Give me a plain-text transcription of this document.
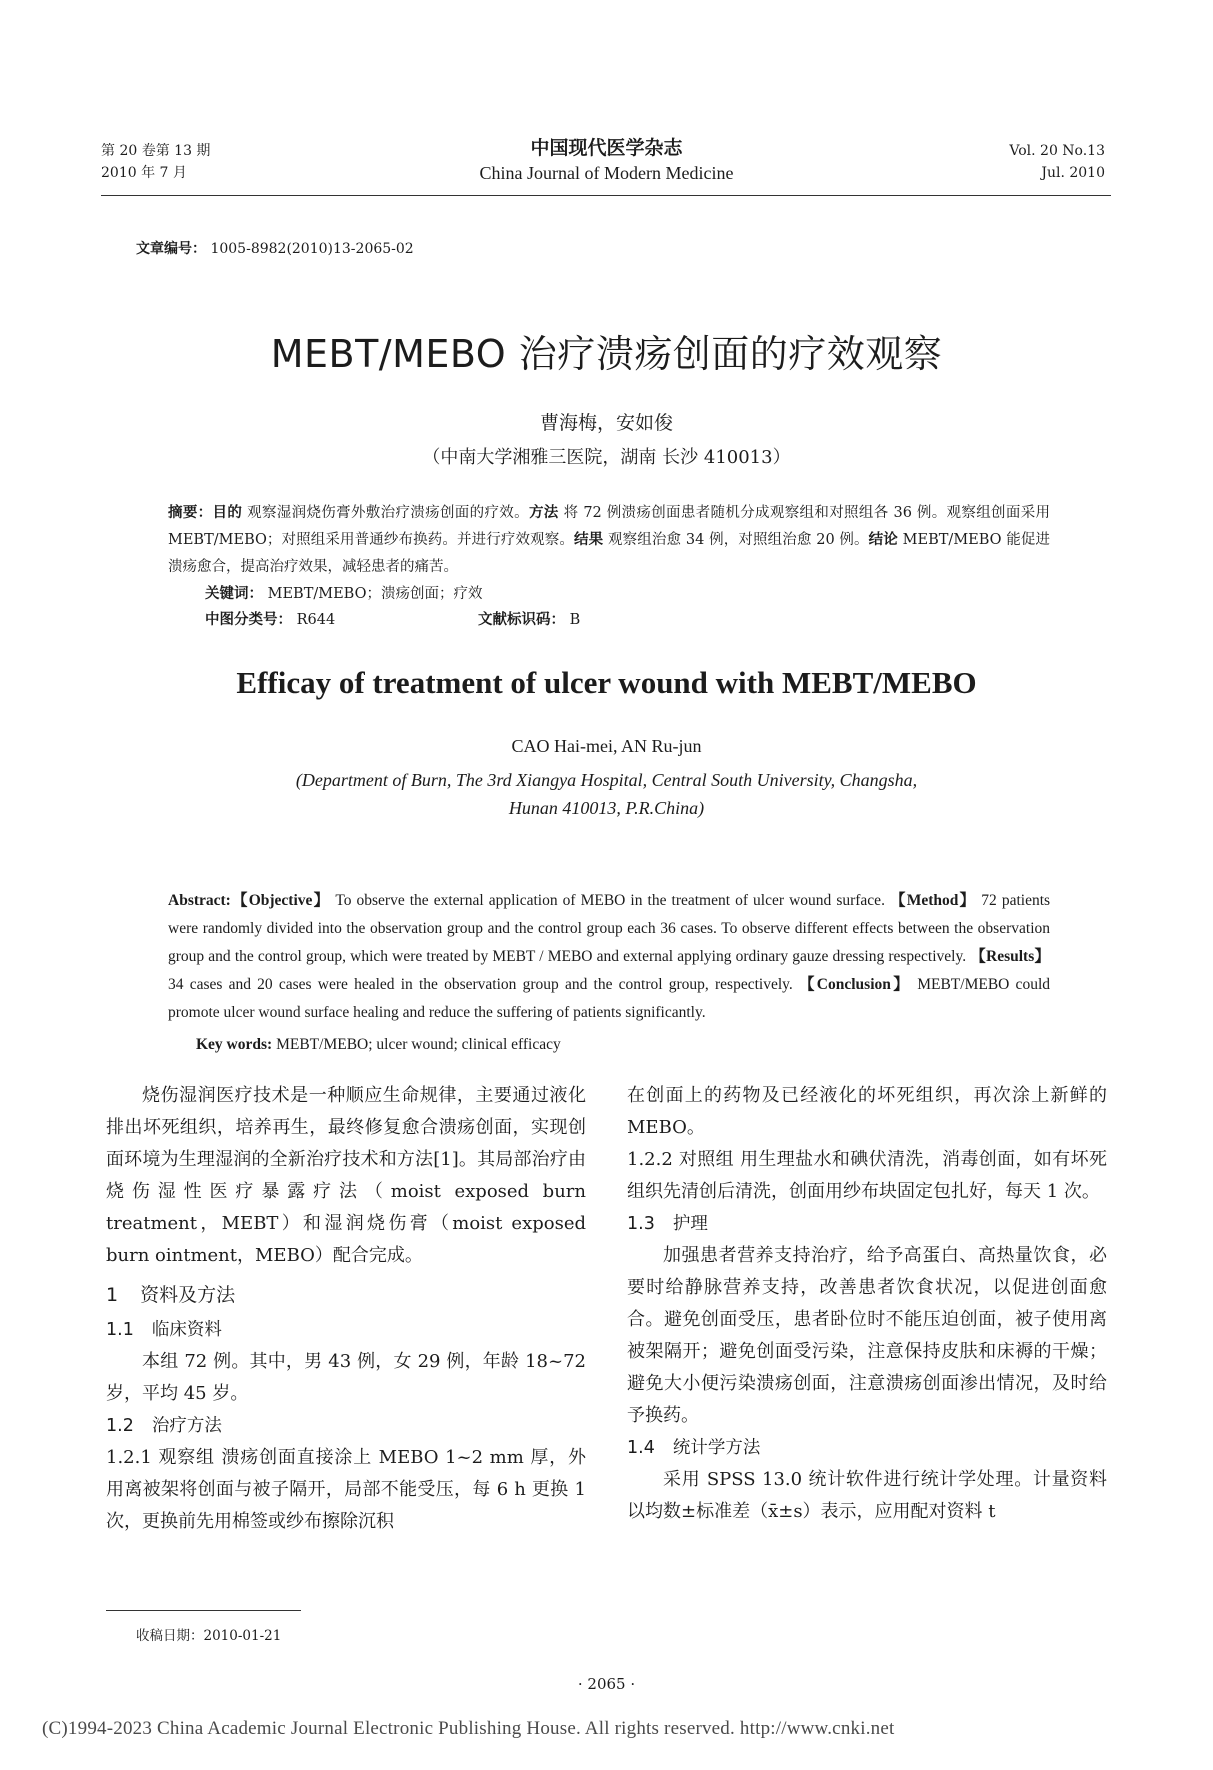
第 20 卷第 13 期
2010 年 7 月
中国现代医学杂志
China Journal of Modern Medicine
Vol. 20 No.13
Jul. 2010
文章编号： 1005-8982(2010)13-2065-02
MEBT/MEBO 治疗溃疡创面的疗效观察
曹海梅，安如俊
（中南大学湘雅三医院，湖南 长沙 410013）
摘要：目的 观察湿润烧伤膏外敷治疗溃疡创面的疗效。方法 将 72 例溃疡创面患者随机分成观察组和对照组各 36 例。观察组创面采用 MEBT/MEBO；对照组采用普通纱布换药。并进行疗效观察。结果 观察组治愈 34 例，对照组治愈 20 例。结论 MEBT/MEBO 能促进溃疡愈合，提高治疗效果，减轻患者的痛苦。
关键词： MEBT/MEBO；溃疡创面；疗效
中图分类号： R644	文献标识码： B
Efficay of treatment of ulcer wound with MEBT/MEBO
CAO Hai-mei, AN Ru-jun
(Department of Burn, The 3rd Xiangya Hospital, Central South University, Changsha,
Hunan 410013, P.R.China)
Abstract:【Objective】 To observe the external application of MEBO in the treatment of ulcer wound surface. 【Method】 72 patients were randomly divided into the observation group and the control group each 36 cases. To observe different effects between the observation group and the control group, which were treated by MEBT / MEBO and external applying ordinary gauze dressing respectively. 【Results】 34 cases and 20 cases were healed in the observation group and the control group, respectively. 【Conclusion】 MEBT/MEBO could promote ulcer wound surface healing and reduce the suffering of patients significantly.
Key words: MEBT/MEBO; ulcer wound; clinical efficacy

烧伤湿润医疗技术是一种顺应生命规律，主要通过液化排出坏死组织，培养再生，最终修复愈合溃疡创面，实现创面环境为生理湿润的全新治疗技术和方法[1]。其局部治疗由烧伤湿性医疗暴露疗法（moist exposed burn treatment，MEBT）和湿润烧伤膏（moist exposed burn ointment，MEBO）配合完成。

1 资料及方法
1.1 临床资料

本组 72 例。其中，男 43 例，女 29 例，年龄 18~72 岁，平均 45 岁。

1.2 治疗方法

1.2.1 观察组 溃疡创面直接涂上 MEBO 1~2 mm 厚，外用离被架将创面与被子隔开，局部不能受压，每 6 h 更换 1 次，更换前先用棉签或纱布擦除沉积

在创面上的药物及已经液化的坏死组织，再次涂上新鲜的 MEBO。

1.2.2 对照组 用生理盐水和碘伏清洗，消毒创面，如有坏死组织先清创后清洗，创面用纱布块固定包扎好，每天 1 次。

1.3 护理

加强患者营养支持治疗，给予高蛋白、高热量饮食，必要时给静脉营养支持，改善患者饮食状况，以促进创面愈合。避免创面受压，患者卧位时不能压迫创面，被子使用离被架隔开；避免创面受污染，注意保持皮肤和床褥的干燥；避免大小便污染溃疡创面，注意溃疡创面渗出情况，及时给予换药。

1.4 统计学方法

采用 SPSS 13.0 统计软件进行统计学处理。计量资料以均数±标准差（x̄±s）表示，应用配对资料 t

收稿日期：2010-01-21
· 2065 ·
(C)1994-2023 China Academic Journal Electronic Publishing House. All rights reserved. http://www.cnki.net
